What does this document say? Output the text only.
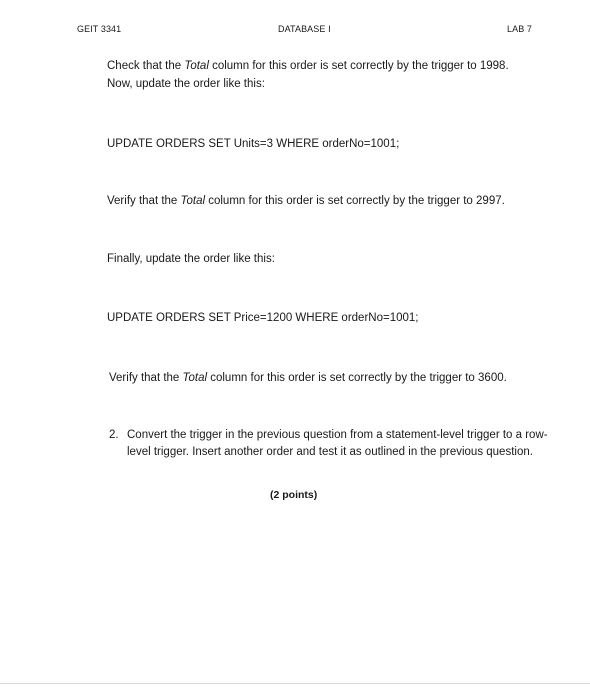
GEIT 3341	DATABASE I	LAB 7
Check that the Total column for this order is set correctly by the trigger to 1998.
Now, update the order like this:
UPDATE ORDERS SET Units=3 WHERE orderNo=1001;
Verify that the Total column for this order is set correctly by the trigger to 2997.
Finally, update the order like this:
UPDATE ORDERS SET Price=1200 WHERE orderNo=1001;
Verify that the Total column for this order is set correctly by the trigger to 3600.
2. Convert the trigger in the previous question from a statement-level trigger to a row-level trigger. Insert another order and test it as outlined in the previous question.
(2 points)
